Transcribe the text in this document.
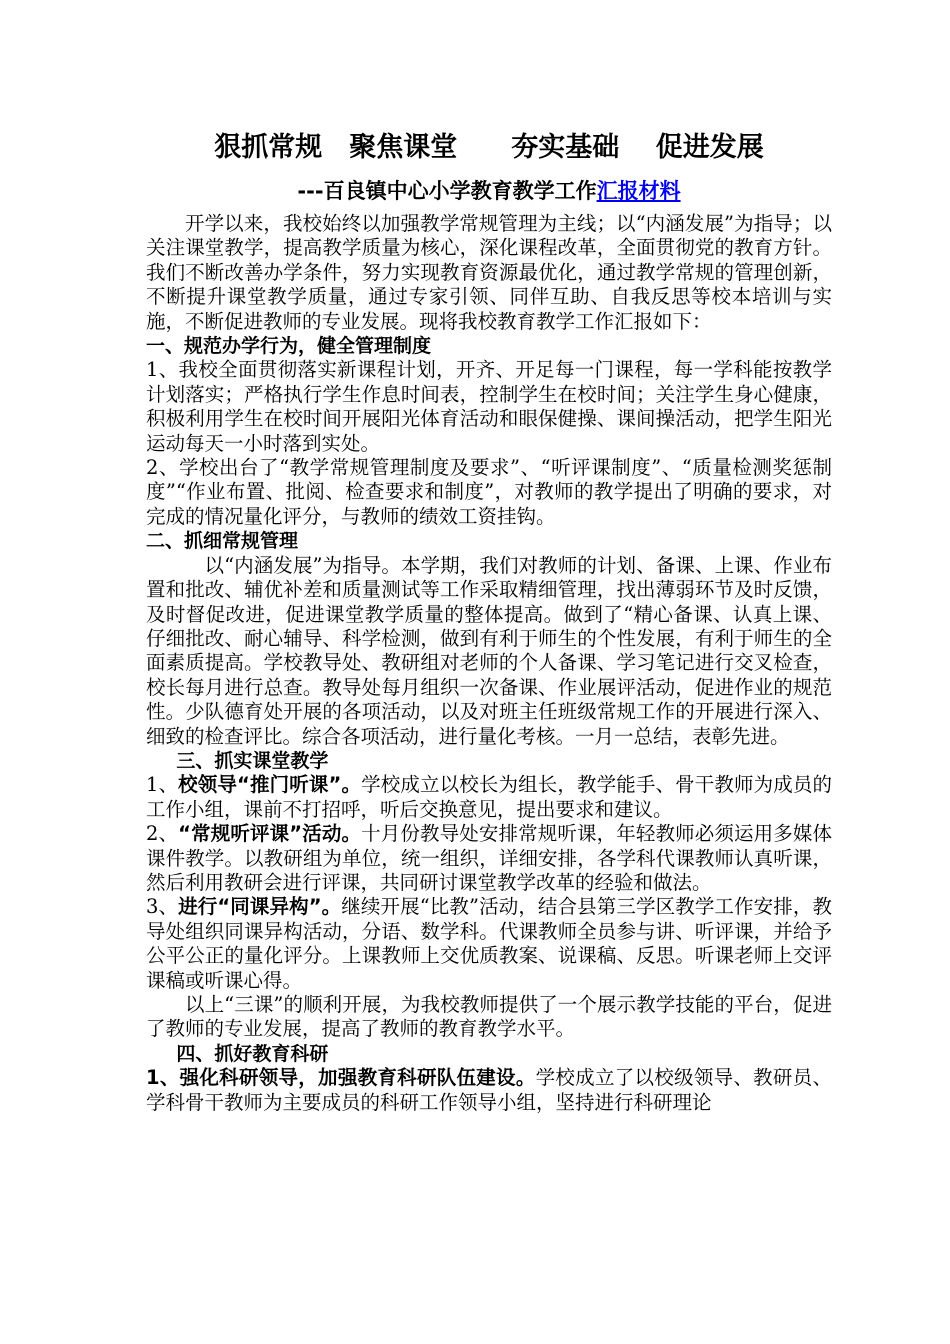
狠抓常规　聚焦课堂　　夯实基础　 促进发展
---百良镇中心小学教育教学工作汇报材料

开学以来，我校始终以加强教学常规管理为主线；以“内涵发展”为指导；以关注课堂教学，提高教学质量为核心，深化课程改革，全面贯彻党的教育方针。我们不断改善办学条件，努力实现教育资源最优化，通过教学常规的管理创新，不断提升课堂教学质量，通过专家引领、同伴互助、自我反思等校本培训与实施，不断促进教师的专业发展。现将我校教育教学工作汇报如下：

一、规范办学行为，健全管理制度

1、我校全面贯彻落实新课程计划，开齐、开足每一门课程，每一学科能按教学计划落实；严格执行学生作息时间表，控制学生在校时间；关注学生身心健康，积极利用学生在校时间开展阳光体育活动和眼保健操、课间操活动，把学生阳光运动每天一小时落到实处。

2、学校出台了“教学常规管理制度及要求”、“听评课制度”、“质量检测奖惩制度”“作业布置、批阅、检查要求和制度”，对教师的教学提出了明确的要求，对完成的情况量化评分，与教师的绩效工资挂钩。

二、抓细常规管理

以“内涵发展”为指导。本学期，我们对教师的计划、备课、上课、作业布置和批改、辅优补差和质量测试等工作采取精细管理，找出薄弱环节及时反馈，及时督促改进，促进课堂教学质量的整体提高。做到了“精心备课、认真上课、仔细批改、耐心辅导、科学检测，做到有利于师生的个性发展，有利于师生的全面素质提高。学校教导处、教研组对老师的个人备课、学习笔记进行交叉检查，校长每月进行总查。教导处每月组织一次备课、作业展评活动，促进作业的规范性。少队德育处开展的各项活动，以及对班主任班级常规工作的开展进行深入、细致的检查评比。综合各项活动，进行量化考核。一月一总结，表彰先进。

三、抓实课堂教学

1、校领导“推门听课”。学校成立以校长为组长，教学能手、骨干教师为成员的工作小组，课前不打招呼，听后交换意见，提出要求和建议。

2、“常规听评课”活动。十月份教导处安排常规听课，年轻教师必须运用多媒体课件教学。以教研组为单位，统一组织，详细安排，各学科代课教师认真听课，然后利用教研会进行评课，共同研讨课堂教学改革的经验和做法。

3、进行“同课异构”。继续开展“比教”活动，结合县第三学区教学工作安排，教导处组织同课异构活动，分语、数学科。代课教师全员参与讲、听评课，并给予公平公正的量化评分。上课教师上交优质教案、说课稿、反思。听课老师上交评课稿或听课心得。

以上“三课”的顺利开展，为我校教师提供了一个展示教学技能的平台，促进了教师的专业发展，提高了教师的教育教学水平。

四、抓好教育科研

1、强化科研领导，加强教育科研队伍建设。学校成立了以校级领导、教研员、学科骨干教师为主要成员的科研工作领导小组，坚持进行科研理论
